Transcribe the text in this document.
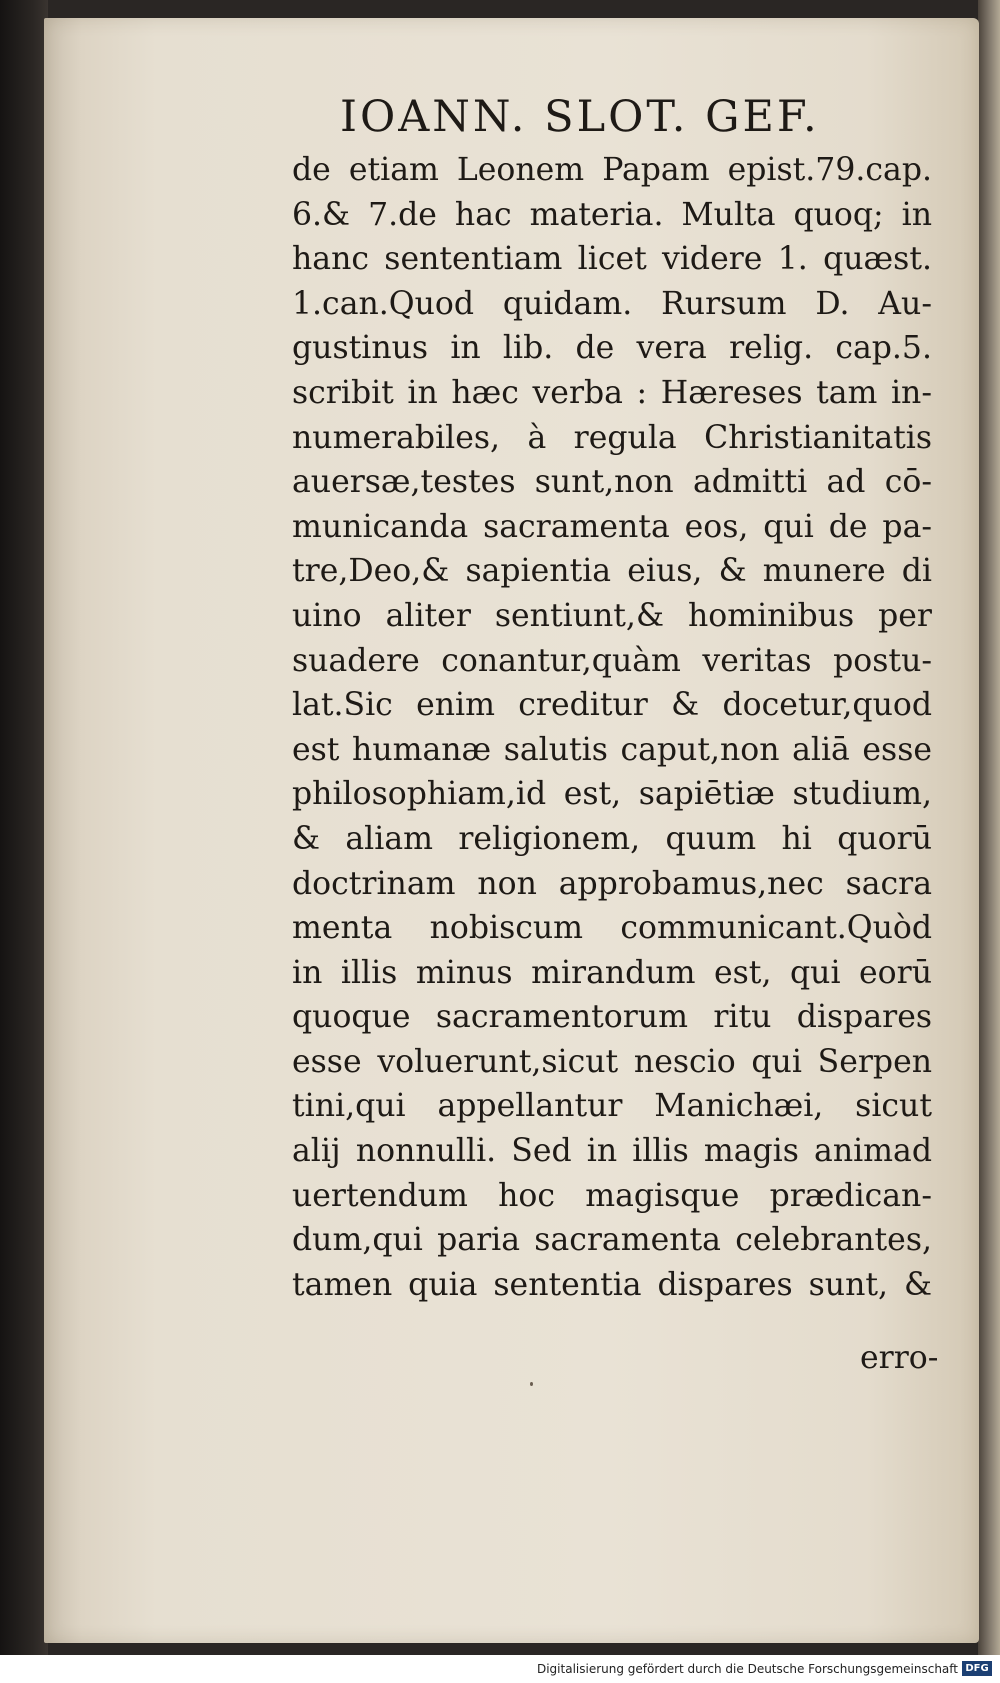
IOANN. SLOT. GEF.
de etiam Leonem Papam epist.79.cap.
6.& 7.de hac materia. Multa quoq; in
hanc sententiam licet videre 1. quæst.
1.can.Quod quidam. Rursum D. Au-
gustinus in lib. de vera relig. cap.5.
scribit in hæc verba : Hæreses tam in-
numerabiles, à regula Christianitatis
auersæ,testes sunt,non admitti ad cō-
municanda sacramenta eos, qui de pa-
tre,Deo,& sapientia eius, & munere di
uino aliter sentiunt,& hominibus per
suadere conantur,quàm veritas postu-
lat.Sic enim creditur & docetur,quod
est humanæ salutis caput,non aliā esse
philosophiam,id est, sapiētiæ studium,
& aliam religionem, quum hi quorū
doctrinam non approbamus,nec sacra
menta nobiscum communicant.Quòd
in illis minus mirandum est, qui eorū
quoque sacramentorum ritu dispares
esse voluerunt,sicut nescio qui Serpen
tini,qui appellantur Manichæi, sicut
alij nonnulli. Sed in illis magis animad
uertendum hoc magisque prædican-
dum,qui paria sacramenta celebrantes,
tamen quia sententia dispares sunt, &
erro-
Digitalisierung gefördert durch die Deutsche Forschungsgemeinschaft DFG
